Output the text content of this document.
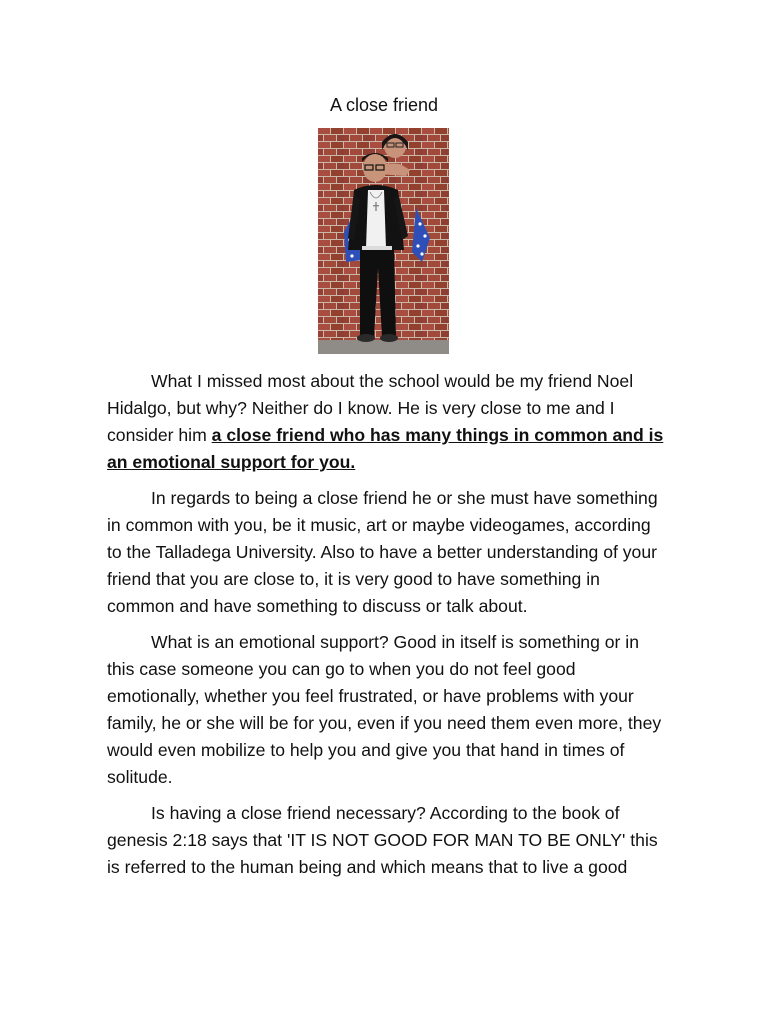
A close friend

What I missed most about the school would be my friend Noel Hidalgo, but why? Neither do I know. He is very close to me and I consider him a close friend who has many things in common and is an emotional support for you.

In regards to being a close friend he or she must have something in common with you, be it music, art or maybe videogames, according to the Talladega University. Also to have a better understanding of your friend that you are close to, it is very good to have something in common and have something to discuss or talk about.

What is an emotional support? Good in itself is something or in this case someone you can go to when you do not feel good emotionally, whether you feel frustrated, or have problems with your family, he or she will be for you, even if you need them even more, they would even mobilize to help you and give you that hand in times of solitude.

Is having a close friend necessary? According to the book of genesis 2:18 says that 'IT IS NOT GOOD FOR MAN TO BE ONLY' this is referred to the human being and which means that to live a good
